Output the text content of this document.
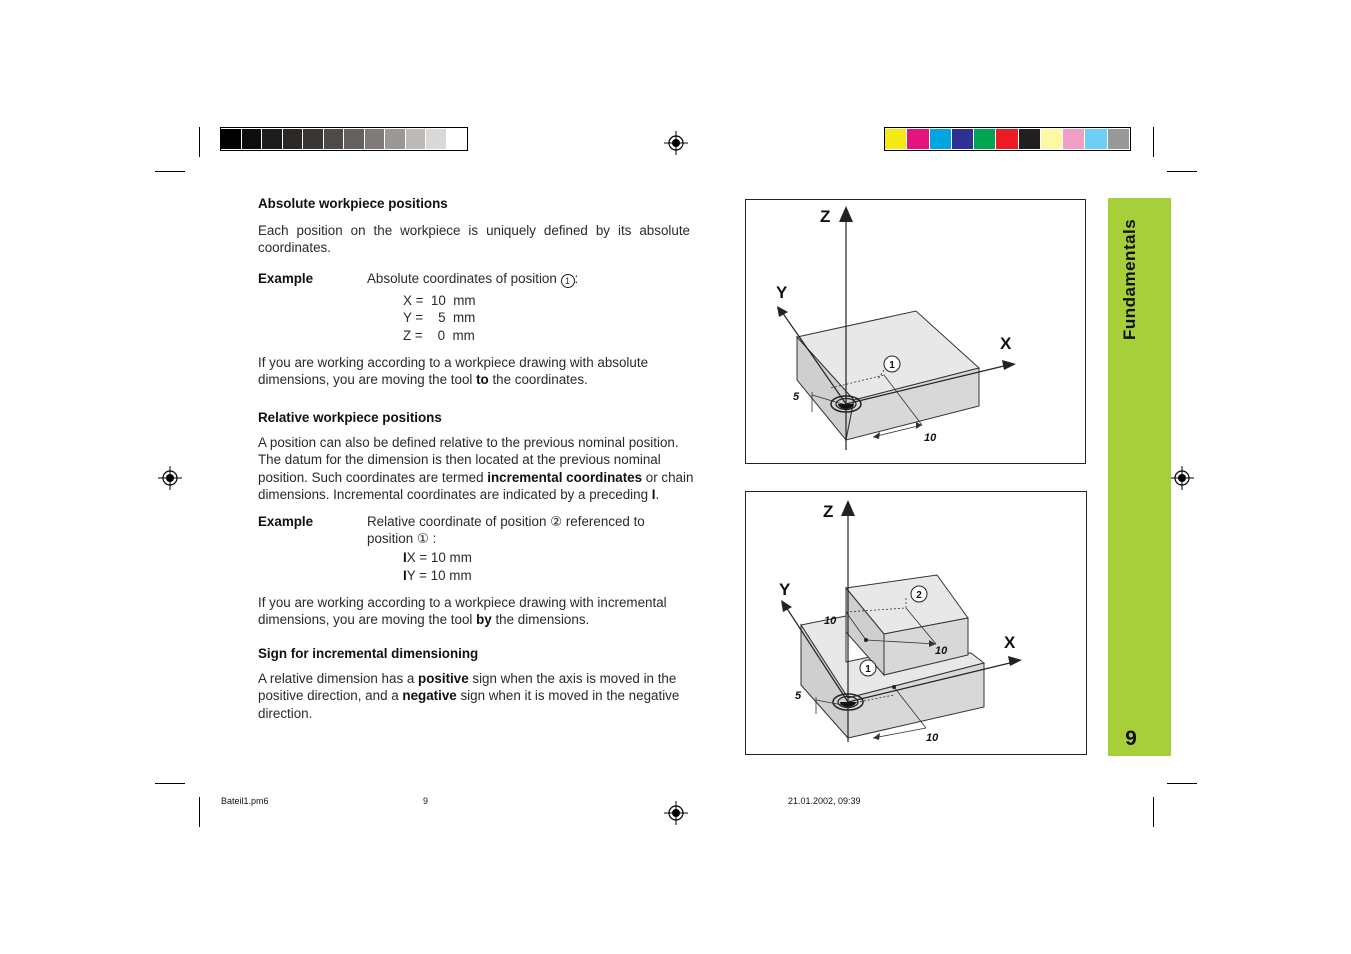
Absolute workpiece positions
Each position on the workpiece is uniquely defined by its absolute coordinates.
Example	Absolute coordinates of position 1 :
X =  10  mm
Y =    5  mm
Z =    0  mm
If you are working according to a workpiece drawing with absolute dimensions, you are moving the tool to the coordinates.
Relative workpiece positions
A position can also be defined relative to the previous nominal position.
The datum for the dimension is then located at the previous nominal
position. Such coordinates are termed incremental coordinates or chain
dimensions. Incremental coordinates are indicated by a preceding I.
Example	Relative coordinate of position ② referenced to
position ① :
IX = 10 mm
IY = 10 mm
If you are working according to a workpiece drawing with incremental dimensions, you are moving the tool by the dimensions.
Sign for incremental dimensioning
A relative dimension has a positive sign when the axis is moved in the positive direction, and a negative sign when it is moved in the negative direction.
Z
Y
X
1
5
10
Z
Y
X
2
1
5
10
10
10
Fundamentals
9
Bateil1.pm6	9	21.01.2002, 09:39
